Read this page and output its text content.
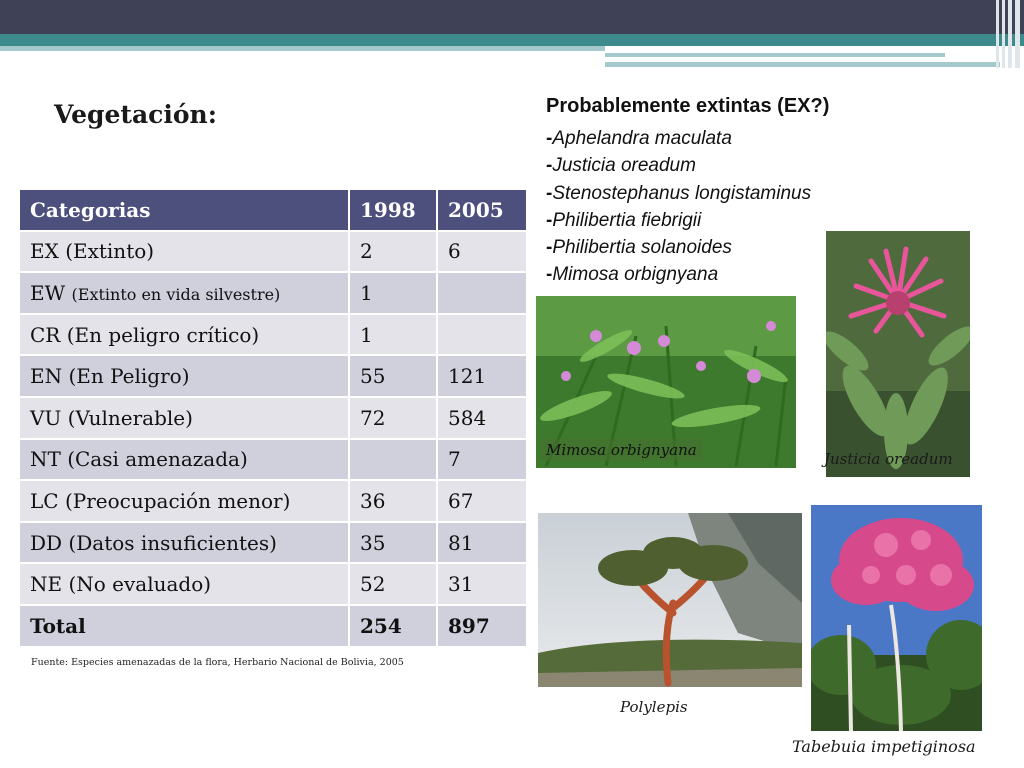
Vegetación:
Categorias	1998	2005
EX (Extinto)	2	6
EW (Extinto en vida silvestre)	1	
CR (En peligro crítico)	1	
EN (En Peligro)	55	121
VU (Vulnerable)	72	584
NT (Casi amenazada)		7
LC (Preocupación menor)	36	67
DD (Datos insuficientes)	35	81
NE (No evaluado)	52	31
Total	254	897
Fuente: Especies amenazadas de la flora, Herbario Nacional de Bolivia, 2005
Probablemente extintas (EX?)
-Aphelandra maculata
-Justicia oreadum
-Stenostephanus longistaminus
-Philibertia fiebrigii
-Philibertia solanoides
-Mimosa orbignyana
Mimosa orbignyana	Justicia oreadum
Polylepis
Tabebuia impetiginosa
